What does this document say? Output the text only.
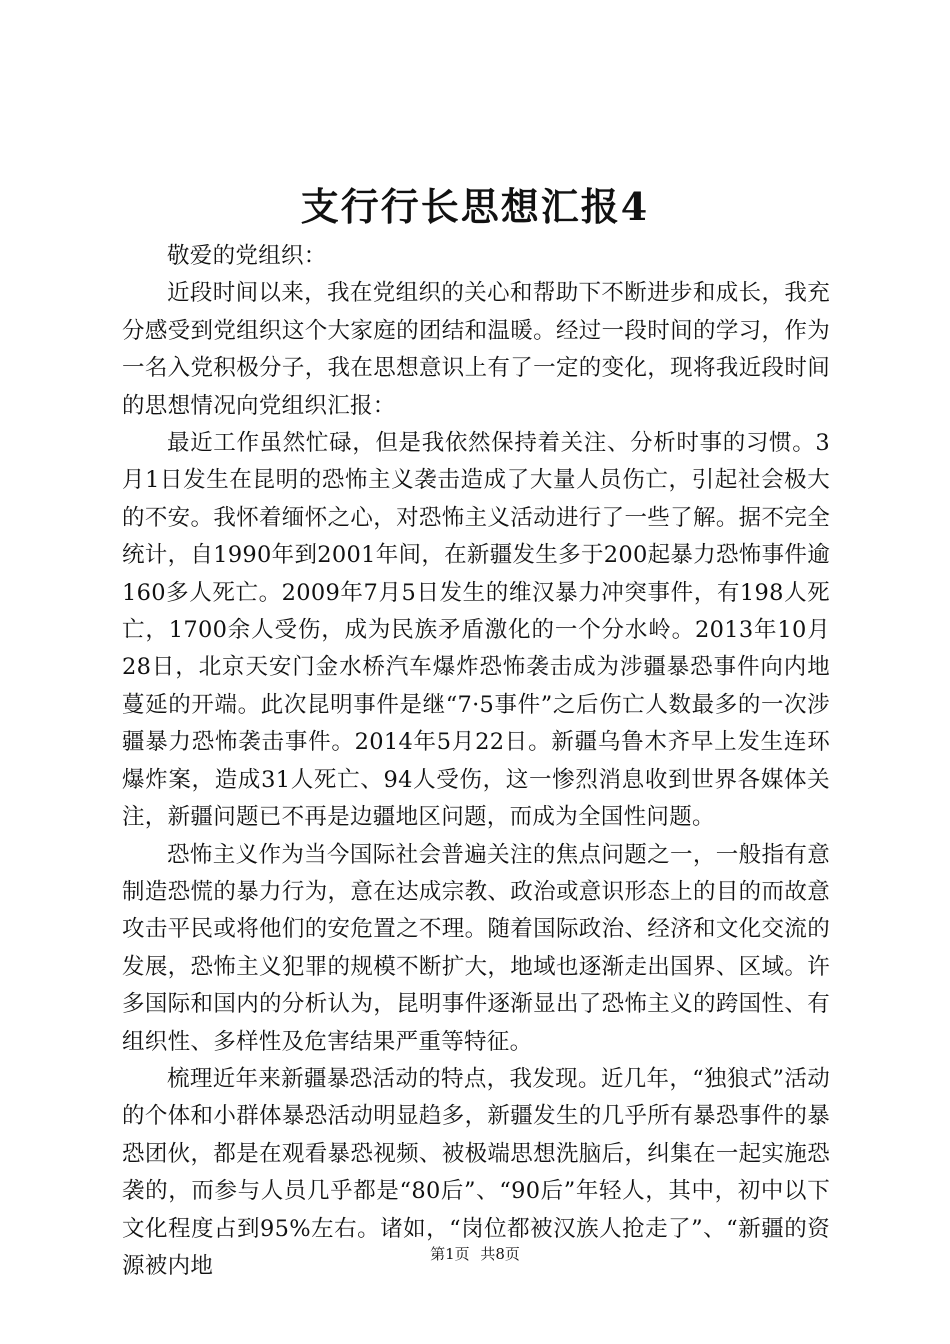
支行行长思想汇报4

敬爱的党组织：

近段时间以来，我在党组织的关心和帮助下不断进步和成长，我充分感受到党组织这个大家庭的团结和温暖。经过一段时间的学习，作为一名入党积极分子，我在思想意识上有了一定的变化，现将我近段时间的思想情况向党组织汇报：

最近工作虽然忙碌，但是我依然保持着关注、分析时事的习惯。3月1日发生在昆明的恐怖主义袭击造成了大量人员伤亡，引起社会极大的不安。我怀着缅怀之心，对恐怖主义活动进行了一些了解。据不完全统计，自1990年到2001年间，在新疆发生多于200起暴力恐怖事件逾160多人死亡。2009年7月5日发生的维汉暴力冲突事件，有198人死亡，1700余人受伤，成为民族矛盾激化的一个分水岭。2013年10月28日，北京天安门金水桥汽车爆炸恐怖袭击成为涉疆暴恐事件向内地蔓延的开端。此次昆明事件是继“7·5事件”之后伤亡人数最多的一次涉疆暴力恐怖袭击事件。2014年5月22日。新疆乌鲁木齐早上发生连环爆炸案，造成31人死亡、94人受伤，这一惨烈消息收到世界各媒体关注，新疆问题已不再是边疆地区问题，而成为全国性问题。

恐怖主义作为当今国际社会普遍关注的焦点问题之一，一般指有意制造恐慌的暴力行为，意在达成宗教、政治或意识形态上的目的而故意攻击平民或将他们的安危置之不理。随着国际政治、经济和文化交流的发展，恐怖主义犯罪的规模不断扩大，地域也逐渐走出国界、区域。许多国际和国内的分析认为，昆明事件逐渐显出了恐怖主义的跨国性、有组织性、多样性及危害结果严重等特征。

梳理近年来新疆暴恐活动的特点，我发现。近几年，“独狼式”活动的个体和小群体暴恐活动明显趋多，新疆发生的几乎所有暴恐事件的暴恐团伙，都是在观看暴恐视频、被极端思想洗脑后，纠集在一起实施恐袭的，而参与人员几乎都是“80后”、“90后”年轻人，其中，初中以下文化程度占到95%左右。诸如，“岗位都被汉族人抢走了”、“新疆的资源被内地	第1页 共8页
